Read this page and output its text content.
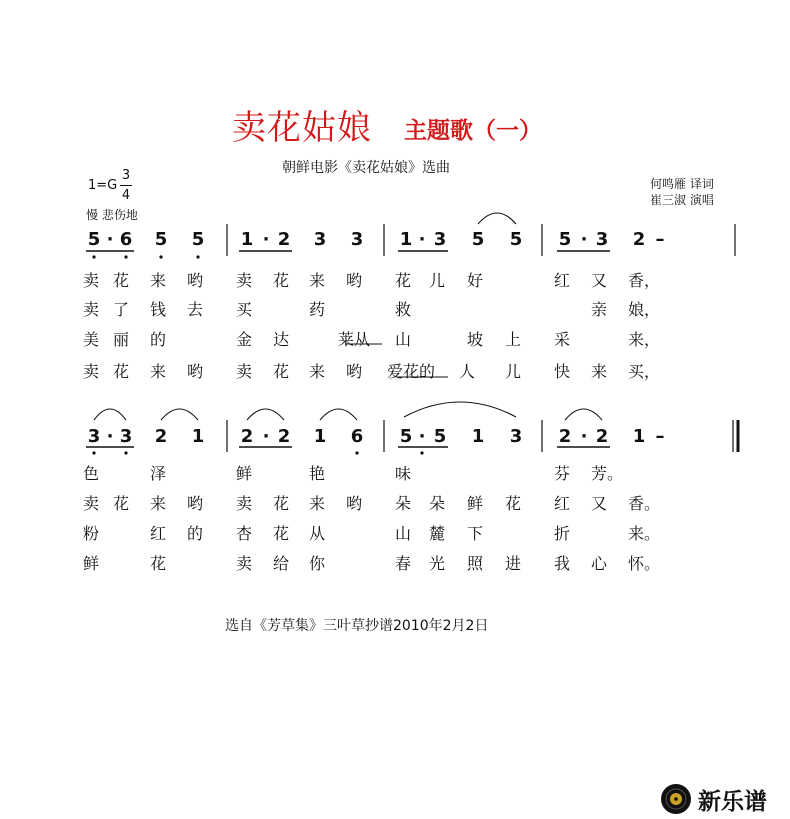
卖花姑娘 主题歌（一）
朝鲜电影《卖花姑娘》选曲
1=G
3
4
慢 悲伤地
何鸣雁 译词
崔三淑 演唱
5 · 6 5 5 1 · 2 3 3 1 · 3 5 5 5 · 3 2 –
卖 花	来	哟	卖	花	来	哟	花	儿	好	红	又	香，
卖 了	钱	去	买	药	救	亲	娘，
美 丽	的	金	达	莱从 山	坡	上	采	来，
卖 花	来	哟	卖	花	来	哟	爱花的 人	儿	快	来	买，
3 · 3 2 1 2 · 2 1 6 5 · 5 1 3 2 · 2 1 –
色	泽	鲜	艳	味	芬	芳。
卖 花	来	哟	卖	花	来	哟	朵	朵	鲜	花	红	又	香。
粉	红	的	杏	花	从	山	麓	下	折	来。
鲜	花	卖	给	你	春	光	照	进	我	心	怀。
选自《芳草集》三叶草抄谱2010年2月2日
新乐谱
